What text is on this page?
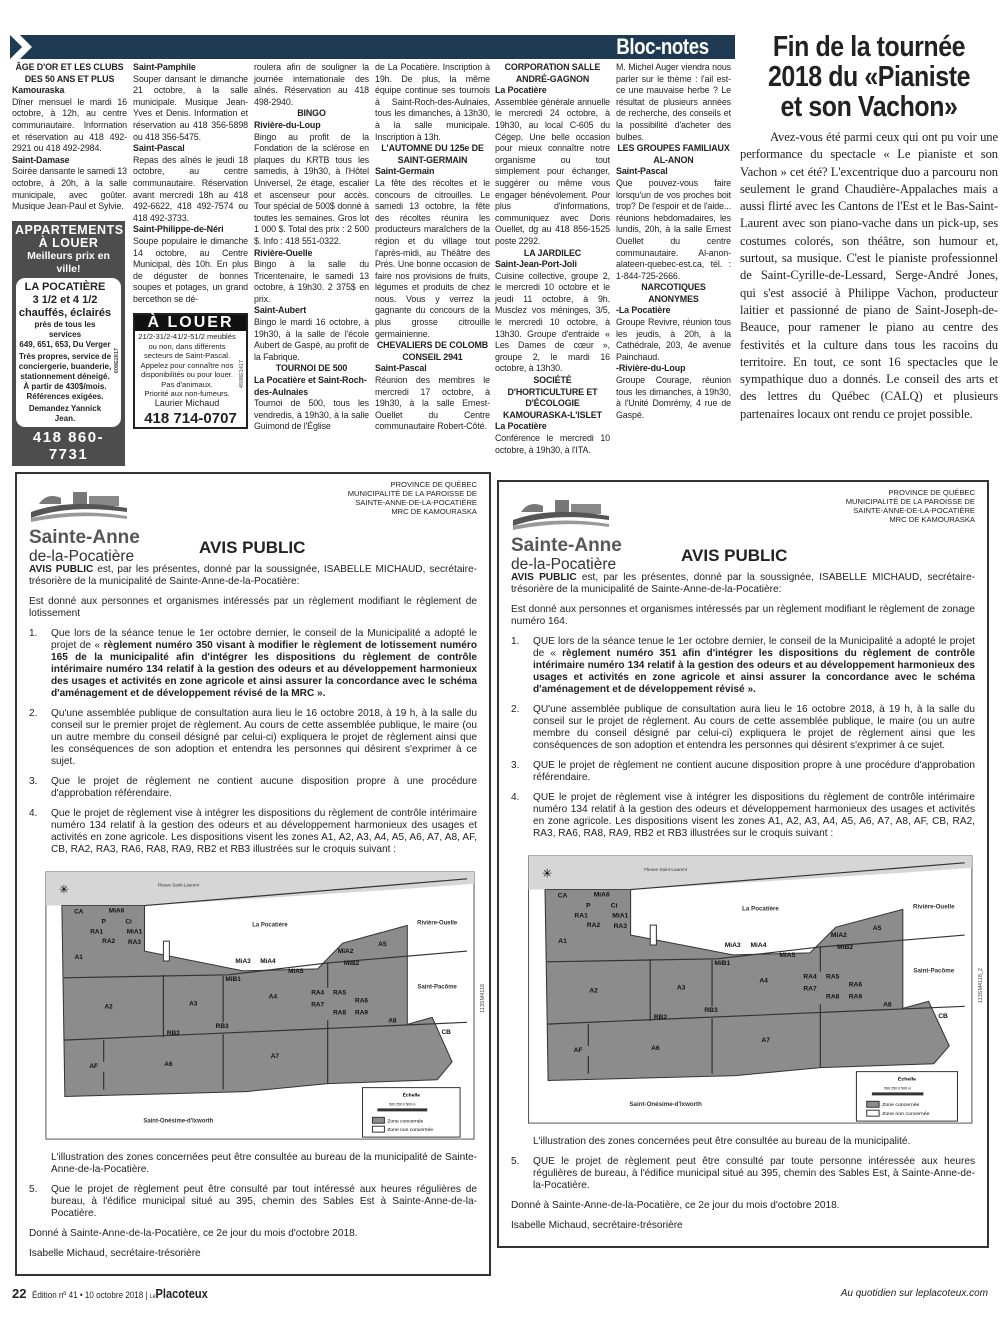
Bloc-notes
ÂGE D'OR ET LES CLUBS DES 50 ANS ET PLUS
Kamouraska
Dîner mensuel le mardi 16 octobre, à 12h, au centre communautaire. Information et réservation au 418 492-2921 ou 418 492-2984.
Saint-Damase
Soirée dansante le samedi 13 octobre, à 20h, à la salle municipale, avec goûter. Musique Jean-Paul et Sylvie.
APPARTEMENTS
À LOUER
Meilleurs prix en ville!
LA POCATIÈRE
3 1/2 et 4 1/2
chauffés, éclairés
près de tous les services
649, 651, 653, Du Verger
Très propres, service de conciergerie, buanderie, stationnement déneigé.
À partir de 430$/mois.
Références exigées.
Demandez Yannick Jean.
609E2817
418 860-7731
Saint-Pamphile
Souper dansant le dimanche 21 octobre, à la salle municipale. Musique Jean-Yves et Denis. Information et réservation au 418 356-5898 ou 418 356-5475.
Saint-Pascal
Repas des aînés le jeudi 18 octobre, au centre communautaire. Réservation avant mercredi 18h au 418 492-6622, 418 492-7574 ou 418 492-3733.
Saint-Philippe-de-Néri
Soupe populaire le dimanche 14 octobre, au Centre Municipal, dès 10h. En plus de déguster de bonnes soupes et potages, un grand bercethon se dé-
À LOUER
21/2-31/2-41/2-51/2 meublés ou non, dans différents secteurs de Saint-Pascal.
Appelez pour connaître nos disponibilités ou pour louer.
Pas d'animaux.
Priorité aux non-fumeurs.
Laurier Michaud
418 714-0707
4598E1417
roulera afin de souligner la journée internationale des aînés. Réservation au 418 498-2940.
BINGO
Rivière-du-Loup
Bingo au profit de la Fondation de la sclérose en plaques du KRTB tous les samedis, à 19h30, à l'Hôtel Universel, 2e étage, escalier et ascenseur pour accès. Tour spécial de 500$ donné à toutes les semaines. Gros lot 1 000 $. Total des prix : 2 500 $. Info : 418 551-0322.
Rivière-Ouelle
Bingo à la salle du Tricentenaire, le samedi 13 octobre, à 19h30. 2 375$ en prix.
Saint-Aubert
Bingo le mardi 16 octobre, à 19h30, à la salle de l'école Aubert de Gaspé, au profit de la Fabrique.
TOURNOI DE 500
La Pocatière et Saint-Roch-des-Aulnaies
Tournoi de 500, tous les vendredis, à 19h30, à la salle Guimond de l'Église
de La Pocatière. Inscription à 19h. De plus, la même équipe continue ses tournois à Saint-Roch-des-Aulnaies, tous les dimanches, à 13h30, à la salle municipale. Inscription à 13h.
L'AUTOMNE DU 125e DE SAINT-GERMAIN
Saint-Germain
La fête des récoltes et le concours de citrouilles. Le samedi 13 octobre, la fête des récoltes réunira les producteurs maraîchers de la région et du village tout l'après-midi, au Théâtre des Prés. Une bonne occasion de faire nos provisions de fruits, légumes et produits de chez nous. Vous y verrez la gagnante du concours de la plus grosse citrouille germainienne.
CHEVALIERS DE COLOMB CONSEIL 2941
Saint-Pascal
Réunion des membres le mercredi 17 octobre, à 19h30, à la salle Ernest-Ouellet du Centre communautaire Robert-Côté.
CORPORATION SALLE ANDRÉ-GAGNON
La Pocatière
Assemblée générale annuelle le mercredi 24 octobre, à 19h30, au local C-605 du Cégep. Une belle occasion pour mieux connaître notre organisme ou tout simplement pour échanger, suggérer ou même vous engager bénévolement. Pour plus d'informations, communiquez avec Doris Ouellet, dg au 418 856-1525 poste 2292.
LA JARDILEC
Saint-Jean-Port-Joli
Cuisine collective, groupe 2, le mercredi 10 octobre et le jeudi 11 octobre, à 9h. Musclez vos méninges, 3/5, le mercredi 10 octobre, à 13h30. Groupe d'entraide « Les Dames de cœur », groupe 2, le mardi 16 octobre, à 13h30.
SOCIÉTÉ D'HORTICULTURE ET D'ÉCOLOGIE KAMOURASKA-L'ISLET
La Pocatière
Conférence le mercredi 10 octobre, à 19h30, à l'ITA.
M. Michel Auger viendra nous parler sur le thème : l'ail est-ce une mauvaise herbe ? Le résultat de plusieurs années de recherche, des conseils et la possibilité d'acheter des bulbes.
LES GROUPES FAMILIAUX AL-ANON
Saint-Pascal
Que pouvez-vous faire lorsqu'un de vos proches boit trop? De l'espoir et de l'aide... réunions hebdomadaires, les lundis, 20h, à la salle Ernest Ouellet du centre communautaire. Al-anon-alateen-quebec-est.ca, tél. : 1-844-725-2666.
NARCOTIQUES ANONYMES
-La Pocatière
Groupe Revivre, réunion tous les jeudis, à 20h, à la Cathédrale, 203, 4e avenue Painchaud.
-Rivière-du-Loup
Groupe Courage, réunion tous les dimanches, à 19h30, à l'Unité Domrémy, 4 rue de Gaspé.
Fin de la tournée 2018 du «Pianiste et son Vachon»

Avez-vous été parmi ceux qui ont pu voir une performance du spectacle « Le pianiste et son Vachon » cet été? L'excentrique duo a parcouru non seulement le grand Chaudière-Appalaches mais a aussi flirté avec les Cantons de l'Est et le Bas-Saint-Laurent avec son piano-vache dans un pick-up, ses costumes colorés, son théâtre, son humour et, surtout, sa musique. C'est le pianiste professionnel de Saint-Cyrille-de-Lessard, Serge-André Jones, qui s'est associé à Philippe Vachon, producteur laitier et passionné de piano de Saint-Joseph-de-Beauce, pour ramener le piano au centre des festivités et la culture dans tous les racoins du territoire. En tout, ce sont 16 spectacles que le sympathique duo a donnés. Le conseil des arts et des lettres du Québec (CALQ) et plusieurs partenaires locaux ont rendu ce projet possible.

Sainte-Anne
de-la-Pocatière
PROVINCE DE QUÉBEC
MUNICIPALITÉ DE LA PAROISSE DE
SAINTE-ANNE-DE-LA-POCATIÈRE
MRC DE KAMOURASKA
AVIS PUBLIC

AVIS PUBLIC est, par les présentes, donné par la soussignée, ISABELLE MICHAUD, secrétaire-trésorière de la municipalité de Sainte-Anne-de-la-Pocatière:

Est donné aux personnes et organismes intéressés par un règlement modifiant le règlement de lotissement

1. Que lors de la séance tenue le 1er octobre dernier, le conseil de la Municipalité a adopté le projet de « règlement numéro 350 visant à modifier le règlement de lotissement numéro 165 de la municipalité afin d'intégrer les dispositions du règlement de contrôle intérimaire numéro 134 relatif à la gestion des odeurs et au développement harmonieux des usages et activités en zone agricole et ainsi assurer la concordance avec le schéma d'aménagement et de développement révisé de la MRC ».
2. Qu'une assemblée publique de consultation aura lieu le 16 octobre 2018, à 19 h, à la salle du conseil sur le premier projet de règlement. Au cours de cette assemblée publique, le maire (ou un autre membre du conseil désigné par celui-ci) expliquera le projet de règlement ainsi que les conséquences de son adoption et entendra les personnes qui désirent s'exprimer à ce sujet.
3. Que le projet de règlement ne contient aucune disposition propre à une procédure d'approbation référendaire.
4. Que le projet de règlement vise à intégrer les dispositions du règlement de contrôle intérimaire numéro 134 relatif à la gestion des odeurs et au développement harmonieux des usages et activités en zone agricole. Les dispositions visent les zones A1, A2, A3, A4, A5, A6, A7, A8, AF, CB, RA2, RA3, RA6, RA8, RA9, RB2 et RB3 illustrées sur le croquis suivant :
✳
CA	MiA6
P	Ci
RA1	MiA1
RA2 RA3
A1
MiA3 MiA4
MiA5
MiB1
MiA2
MiB2
A5
A2	A3
A4
RA4 RA5
RA6
RA7
RA8 RA9
A8
RB3
RB2	CB
AF	A6
A7
Fleuve Saint-Laurent
La Pocatière	Rivière-Ouelle
Saint-Pacôme
Saint-Onésime-d'Ixworth
Échelle
500 250 0 500 m
Zone concernée
Zone non concernée
113SM4118

L'illustration des zones concernées peut être consultée au bureau de la municipalité de Sainte-Anne-de-la-Pocatière.

5. Que le projet de règlement peut être consulté par tout intéressé aux heures régulières de bureau, à l'édifice municipal situé au 395, chemin des Sables Est à Sainte-Anne-de-la-Pocatière.

Donné à Sainte-Anne-de-la-Pocatière, ce 2e jour du mois d'octobre 2018.

Isabelle Michaud, secrétaire-trésorière

Sainte-Anne
de-la-Pocatière
PROVINCE DE QUÉBEC
MUNICIPALITÉ DE LA PAROISSE DE
SAINTE-ANNE-DE-LA-POCATIÈRE
MRC DE KAMOURASKA
AVIS PUBLIC

AVIS PUBLIC est, par les présentes, donné par la soussignée, ISABELLE MICHAUD, secrétaire-trésorière de la municipalité de Sainte-Anne-de-la-Pocatière:

Est donné aux personnes et organismes intéressés par un règlement modifiant le règlement de zonage numéro 164.

1. QUE lors de la séance tenue le 1er octobre dernier, le conseil de la Municipalité a adopté le projet de « règlement numéro 351 afin d'intégrer les dispositions du règlement de contrôle intérimaire numéro 134 relatif à la gestion des odeurs et au développement harmonieux des usages et activités en zone agricole et ainsi assurer la concordance avec le schéma d'aménagement et de développement révisé ».
2. QU'une assemblée publique de consultation aura lieu le 16 octobre 2018, à 19 h, à la salle du conseil sur le projet de règlement. Au cours de cette assemblée publique, le maire (ou un autre membre du conseil désigné par celui-ci) expliquera le projet de règlement ainsi que les conséquences de son adoption et entendra les personnes qui désirent s'exprimer à ce sujet.
3. QUE le projet de règlement ne contient aucune disposition propre à une procédure d'approbation référendaire.
4. QUE le projet de règlement vise à intégrer les dispositions du règlement de contrôle intérimaire numéro 134 relatif à la gestion des odeurs et développement harmonieux des usages et activités en zone agricole. Les dispositions visent les zones A1, A2, A3, A4, A5, A6, A7, A8, AF, CB, RA2, RA3, RA6, RA8, RA9, RB2 et RB3 illustrées sur le croquis suivant :
✳
CA	MiA6
P	Ci
RA1	MiA1
RA2 RA3
A1
MiA3 MiA4
MiA5
MiB1
MiA2
MiB2
A5
A2	A3
A4
RA4 RA5
RA6
RA7
RA8 RA9
A8
RB3
RB2	CB
AF	A6
A7
Fleuve Saint-Laurent
La Pocatière	Rivière-Ouelle
Saint-Pacôme
Saint-Onésime-d'Ixworth
Échelle
500 250 0 500 m
Zone concernée
Zone non concernée
113SM4118_2

L'illustration des zones concernées peut être consultée au bureau de la municipalité.

5. QUE le projet de règlement peut être consulté par toute personne intéressée aux heures régulières de bureau, à l'édifice municipal situé au 395, chemin des Sables Est, à Sainte-Anne-de-la-Pocatière.

Donné à Sainte-Anne-de-la-Pocatière, ce 2e jour du mois d'octobre 2018.

Isabelle Michaud, secrétaire-trésorière

22 Édition nº 41 • 10 octobre 2018 | LePlacoteux	Au quotidien sur leplacoteux.com
